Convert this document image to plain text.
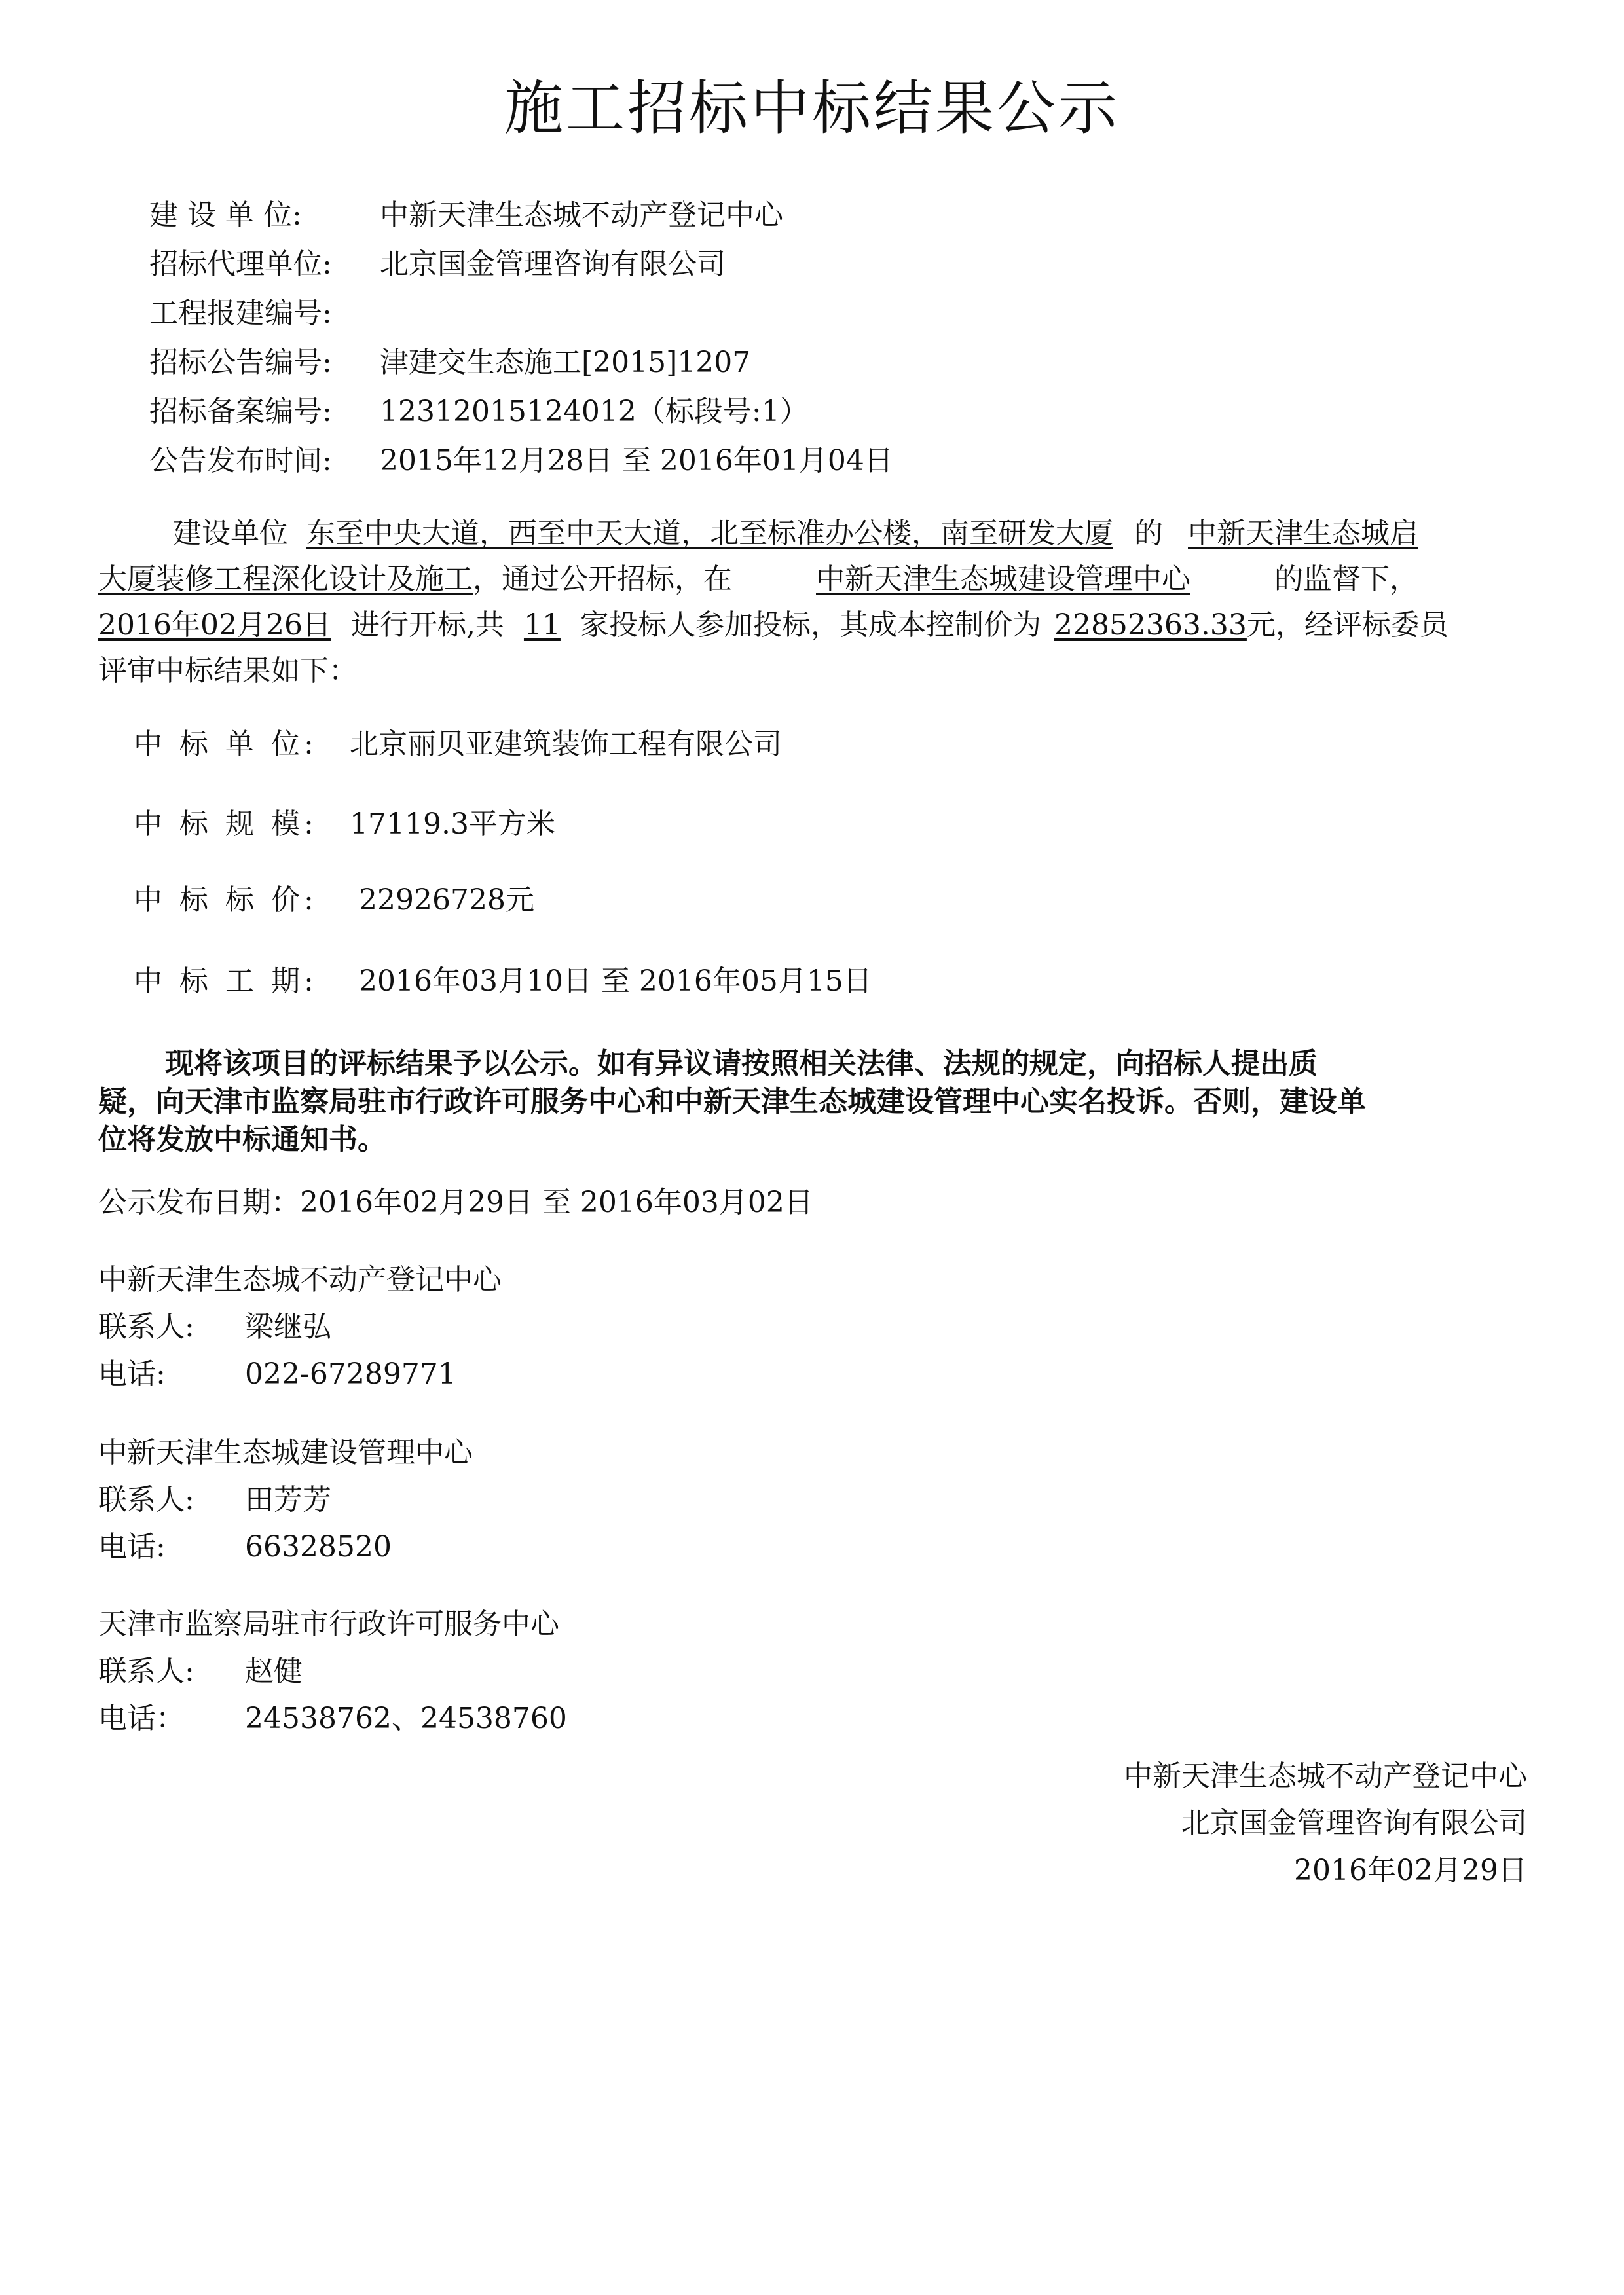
施工招标中标结果公示
建 设 单 位:	中新天津生态城不动产登记中心
招标代理单位: 北京国金管理咨询有限公司
工程报建编号:
招标公告编号: 津建交生态施工[2015]1207
招标备案编号: 12312015124012（标段号:1）
公告发布时间: 2015年12月28日 至 2016年01月04日
建设单位 东至中央大道，西至中天大道，北至标准办公楼，南至研发大厦 的 中新天津生态城启
大厦装修工程深化设计及施工，通过公开招标，在	中新天津生态城建设管理中心	的监督下，
2016年02月26日 进行开标,共 11 家投标人参加投标，其成本控制价为 22852363.33元，经评标委员
评审中标结果如下：
中 标 单 位: 北京丽贝亚建筑装饰工程有限公司
中 标 规 模: 17119.3平方米
中 标 标 价: 22926728元
中 标 工 期: 2016年03月10日 至 2016年05月15日
现将该项目的评标结果予以公示。如有异议请按照相关法律、法规的规定，向招标人提出质
疑，向天津市监察局驻市行政许可服务中心和中新天津生态城建设管理中心实名投诉。否则，建设单
位将发放中标通知书。
公示发布日期：2016年02月29日 至 2016年03月02日
中新天津生态城不动产登记中心
联系人: 梁继弘
电话:	022-67289771
中新天津生态城建设管理中心
联系人: 田芳芳
电话:	66328520
天津市监察局驻市行政许可服务中心
联系人: 赵健
电话： 24538762、24538760
中新天津生态城不动产登记中心
北京国金管理咨询有限公司
2016年02月29日
